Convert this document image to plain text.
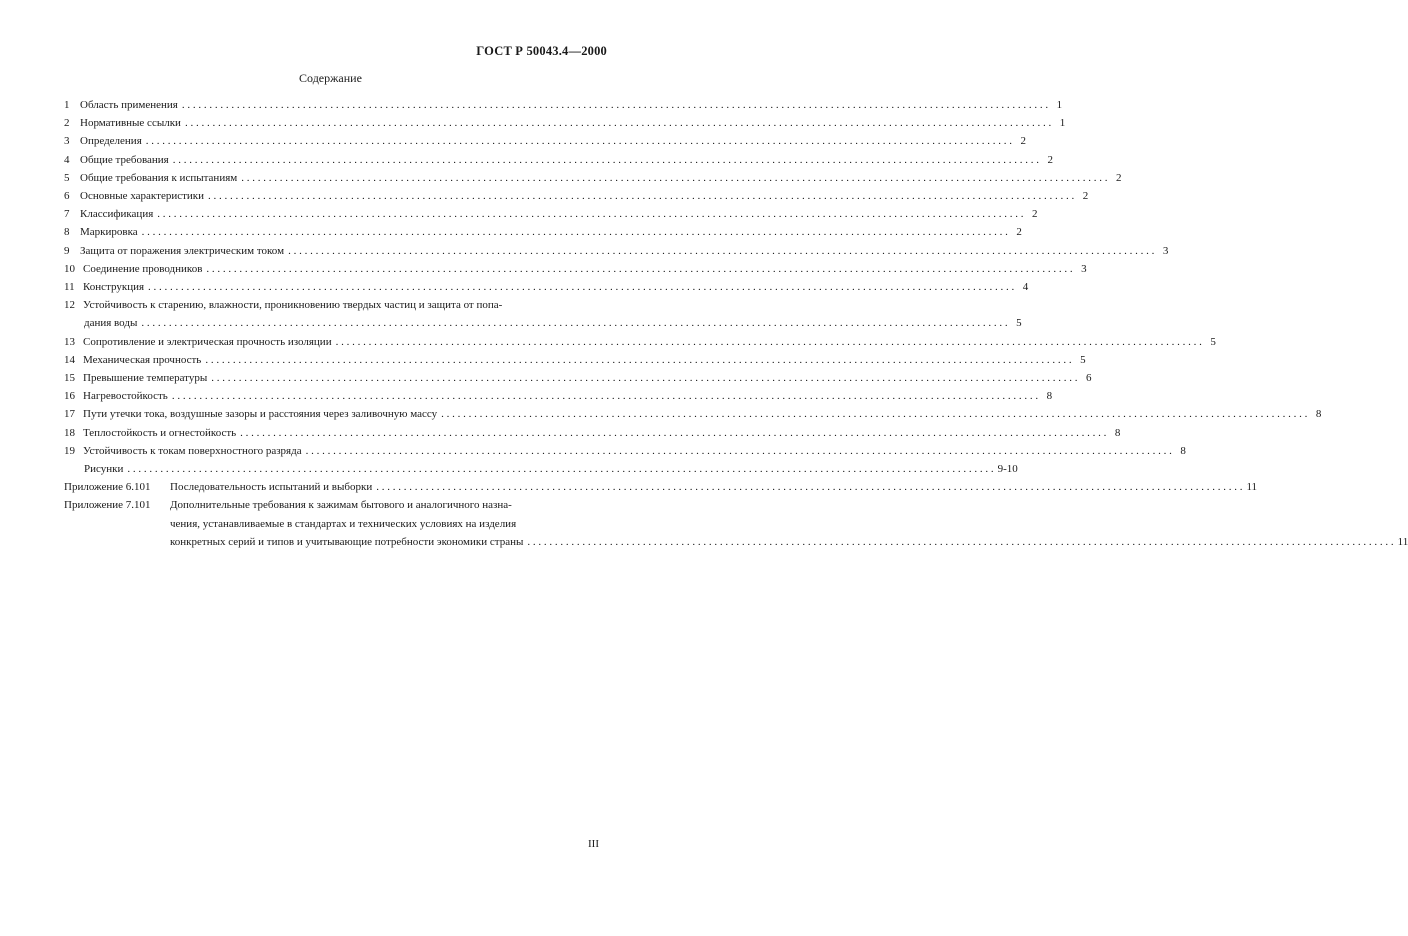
ГОСТ Р 50043.4—2000
Содержание
1 Область применения . . .	1
2 Нормативные ссылки . . .	1
3 Определения . . .	2
4 Общие требования . . .	2
5 Общие требования к испытаниям . . .	2
6 Основные характеристики . . .	2
7 Классификация . . .	2
8 Маркировка . . .	2
9 Защита от поражения электрическим током . . .	3
10 Соединение проводников . . .	3
11 Конструкция . . .	4
12 Устойчивость к старению, влажности, проникновению твердых частиц и защита от попа-
дания воды . . .	5
13 Сопротивление и электрическая прочность изоляции . . .	5
14 Механическая прочность . . .	5
15 Превышение температуры . . .	6
16 Нагревостойкость . . .	8
17 Пути утечки тока, воздушные зазоры и расстояния через заливочную массу . . .	8
18 Теплостойкость и огнестойкость . . .	8
19 Устойчивость к токам поверхностного разряда . . .	8
Рисунки . . .	9-10
Приложение 6.101	Последовательность испытаний и выборки . . .	11
Приложение 7.101	Дополнительные требования к зажимам бытового и аналогичного назна-
чения, устанавливаемые в стандартах и технических условиях на изделия
конкретных серий и типов и учитывающие потребности экономики страны . . .	11
III
